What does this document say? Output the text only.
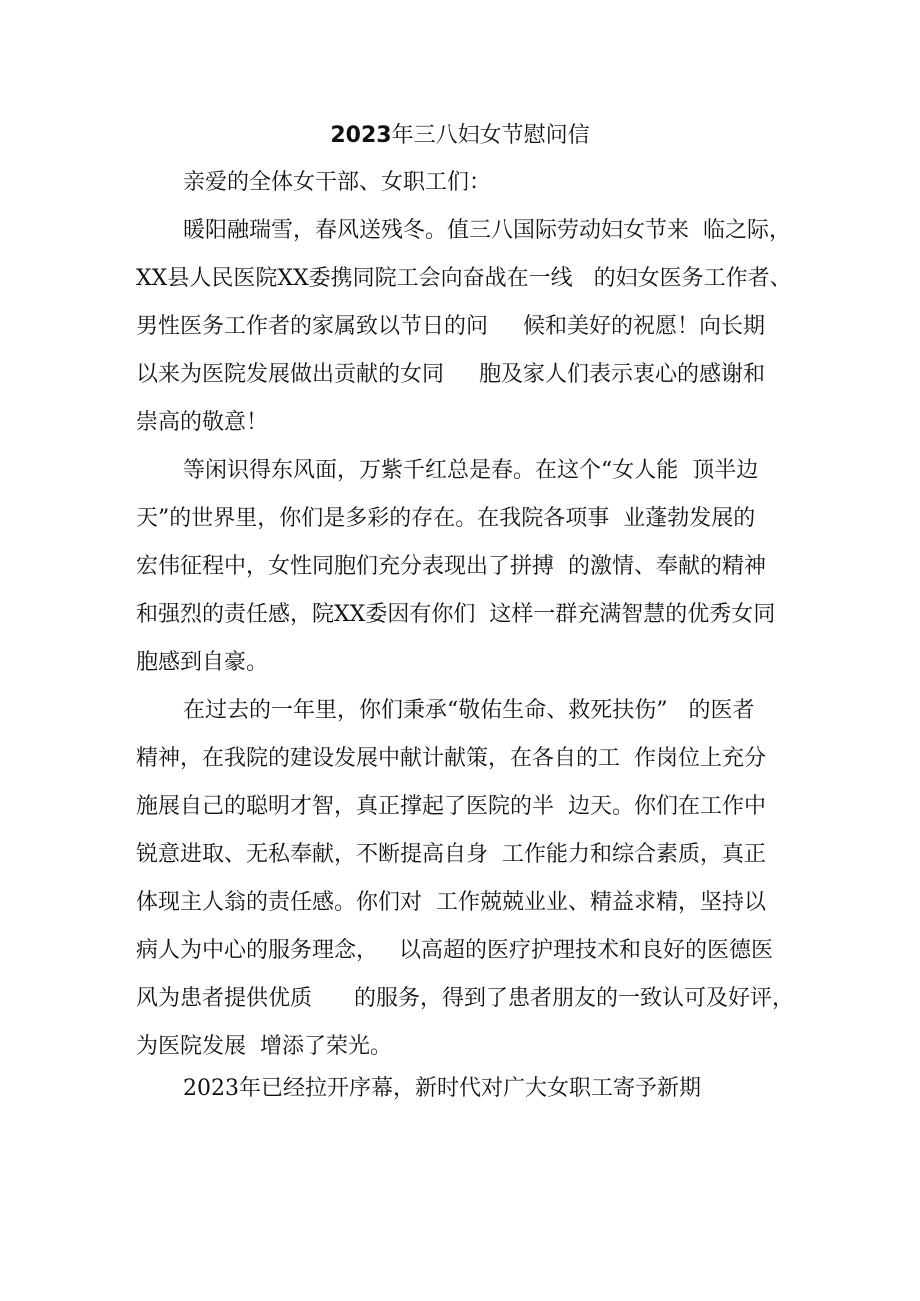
2023年三八妇女节慰问信
亲爱的全体女干部、女职工们：
暖阳融瑞雪，春风送残冬。值三八国际劳动妇女节来  临之际，
XX县人民医院XX委携同院工会向奋战在一线   的妇女医务工作者、
男性医务工作者的家属致以节日的问     候和美好的祝愿！向长期
以来为医院发展做出贡献的女同     胞及家人们表示衷心的感谢和
崇高的敬意！
等闲识得东风面，万紫千红总是春。在这个“女人能  顶半边
天”的世界里，你们是多彩的存在。在我院各项事  业蓬勃发展的
宏伟征程中，女性同胞们充分表现出了拼搏  的激情、奉献的精神
和强烈的责任感，院XX委因有你们  这样一群充满智慧的优秀女同
胞感到自豪。
在过去的一年里，你们秉承“敬佑生命、救死扶伤”   的医者
精神，在我院的建设发展中献计献策，在各自的工  作岗位上充分
施展自己的聪明才智，真正撑起了医院的半  边天。你们在工作中
锐意进取、无私奉献，不断提高自身  工作能力和综合素质，真正
体现主人翁的责任感。你们对  工作兢兢业业、精益求精，坚持以
病人为中心的服务理念，   以高超的医疗护理技术和良好的医德医
风为患者提供优质      的服务，得到了患者朋友的一致认可及好评，
为医院发展  增添了荣光。
2023年已经拉开序幕，新时代对广大女职工寄予新期
